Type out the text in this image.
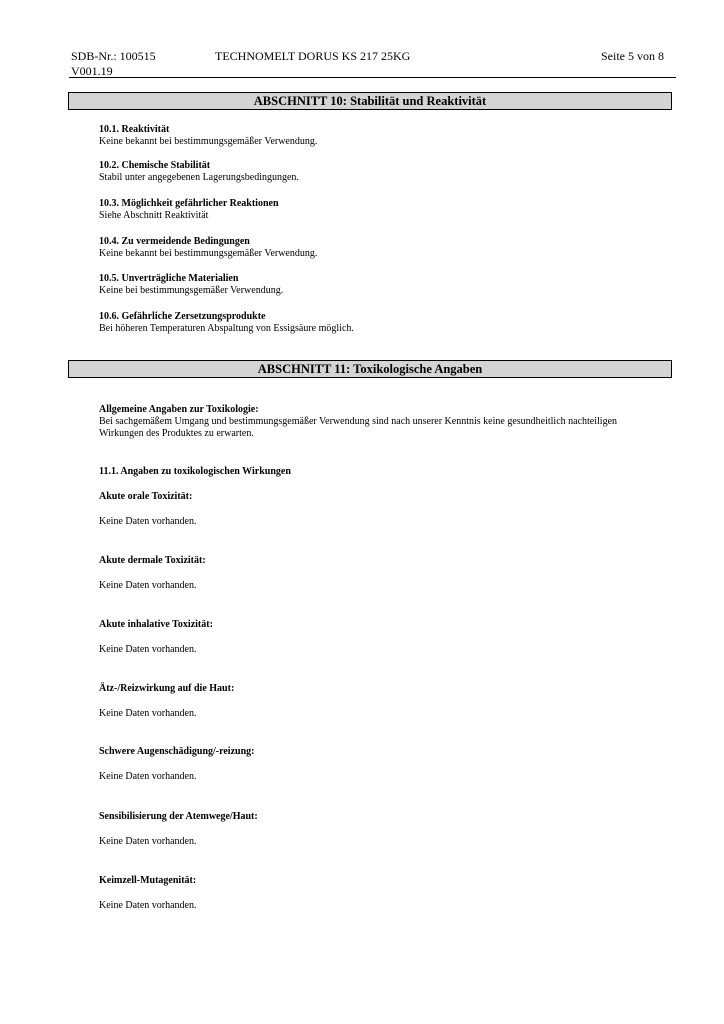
SDB-Nr.: 100515
V001.19
TECHNOMELT DORUS KS 217 25KG	Seite 5 von 8
ABSCHNITT 10: Stabilität und Reaktivität
10.1. Reaktivität
Keine bekannt bei bestimmungsgemäßer Verwendung.
10.2. Chemische Stabilität
Stabil unter angegebenen Lagerungsbedingungen.
10.3. Möglichkeit gefährlicher Reaktionen
Siehe Abschnitt Reaktivität
10.4. Zu vermeidende Bedingungen
Keine bekannt bei bestimmungsgemäßer Verwendung.
10.5. Unverträgliche Materialien
Keine bei bestimmungsgemäßer Verwendung.
10.6. Gefährliche Zersetzungsprodukte
Bei höheren Temperaturen Abspaltung von Essigsäure möglich.
ABSCHNITT 11: Toxikologische Angaben
Allgemeine Angaben zur Toxikologie:
Bei sachgemäßem Umgang und bestimmungsgemäßer Verwendung sind nach unserer Kenntnis keine gesundheitlich nachteiligen
Wirkungen des Produktes zu erwarten.
11.1. Angaben zu toxikologischen Wirkungen
Akute orale Toxizität:
Keine Daten vorhanden.
Akute dermale Toxizität:
Keine Daten vorhanden.
Akute inhalative Toxizität:
Keine Daten vorhanden.
Ätz-/Reizwirkung auf die Haut:
Keine Daten vorhanden.
Schwere Augenschädigung/-reizung:
Keine Daten vorhanden.
Sensibilisierung der Atemwege/Haut:
Keine Daten vorhanden.
Keimzell-Mutagenität:
Keine Daten vorhanden.
